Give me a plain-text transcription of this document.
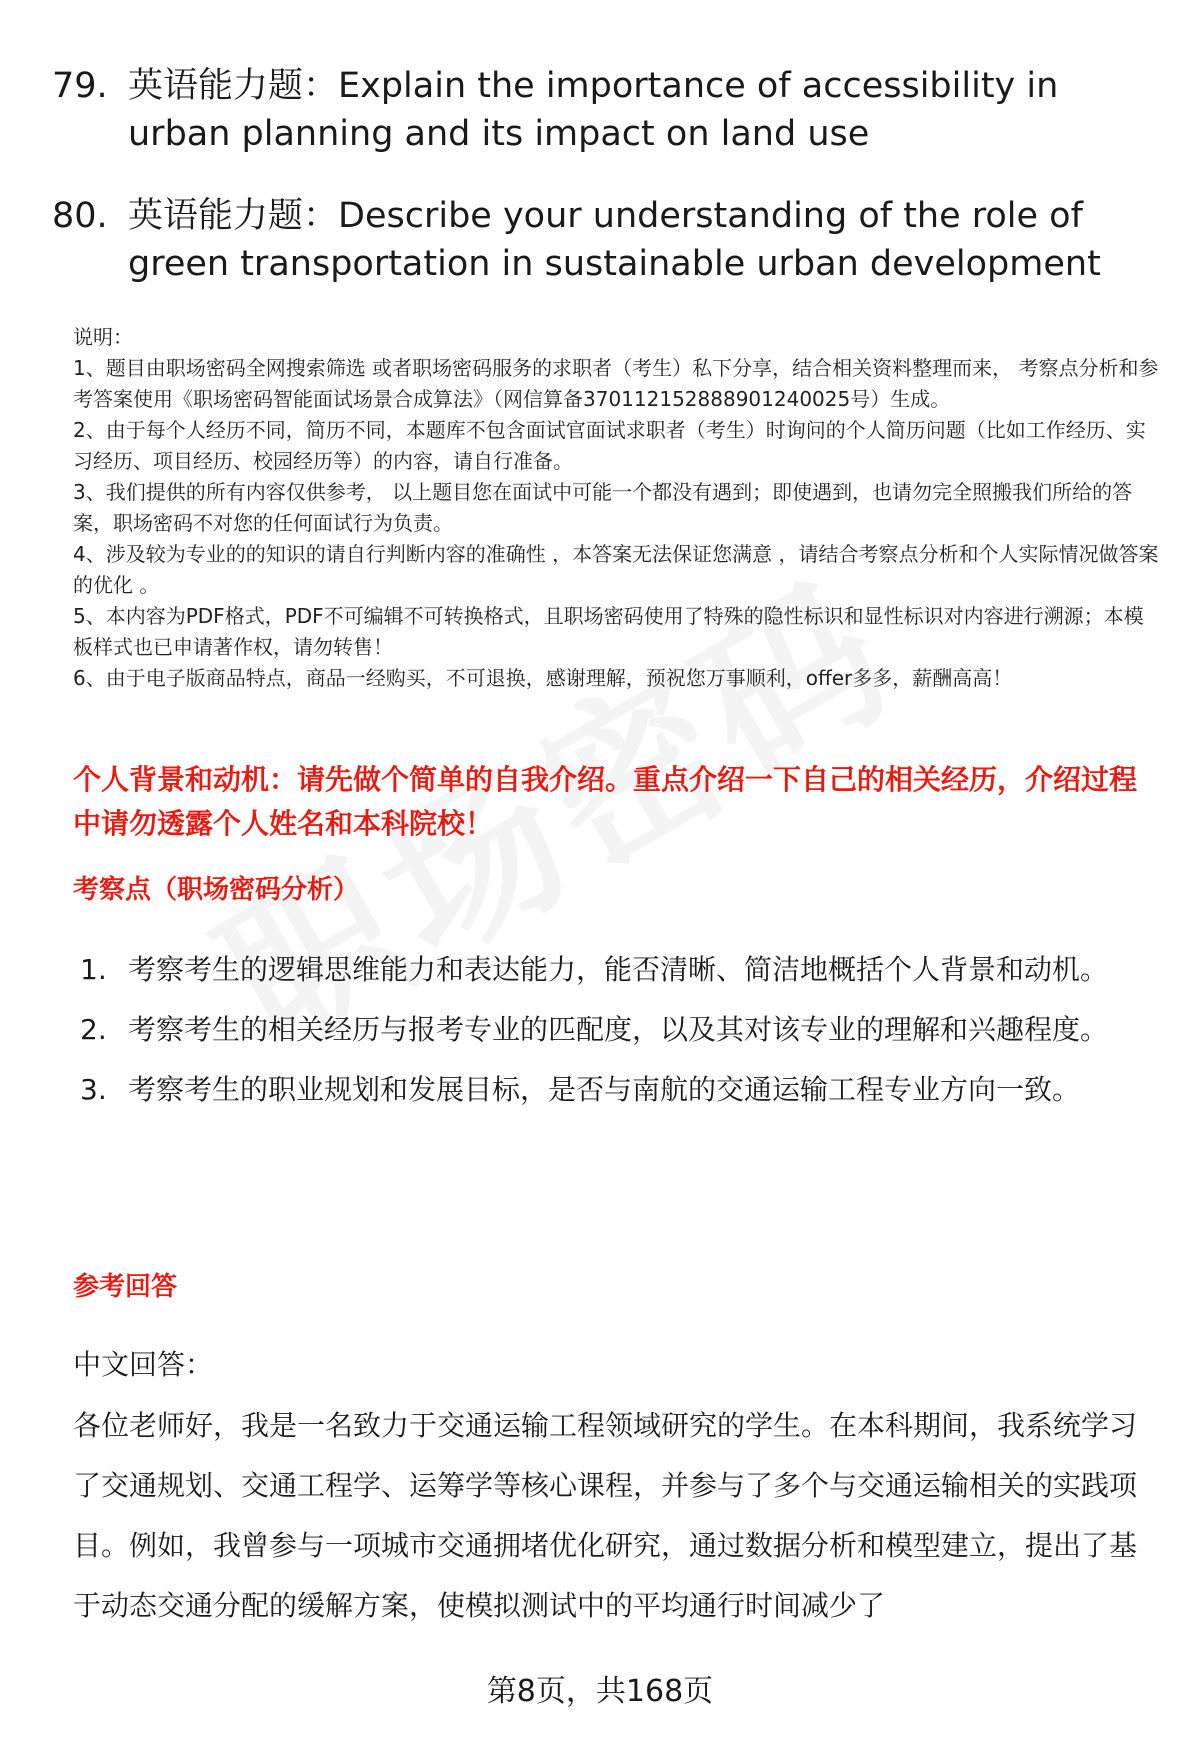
79. 英语能力题：Explain the importance of accessibility in urban planning and its impact on land use
80. 英语能力题：Describe your understanding of the role of green transportation in sustainable urban development

说明：

1、题目由职场密码全网搜索筛选 或者职场密码服务的求职者（考生）私下分享，结合相关资料整理而来， 考察点分析和参考答案使用《职场密码智能面试场景合成算法》（网信算备370112152888901240025号）生成。

2、由于每个人经历不同，简历不同，本题库不包含面试官面试求职者（考生）时询问的个人简历问题（比如工作经历、实习经历、项目经历、校园经历等）的内容，请自行准备。

3、我们提供的所有内容仅供参考， 以上题目您在面试中可能一个都没有遇到；即使遇到，也请勿完全照搬我们所给的答案，职场密码不对您的任何面试行为负责。

4、涉及较为专业的的知识的请自行判断内容的准确性 ，本答案无法保证您满意 ，请结合考察点分析和个人实际情况做答案的优化 。

5、本内容为PDF格式，PDF不可编辑不可转换格式，且职场密码使用了特殊的隐性标识和显性标识对内容进行溯源；本模板样式也已申请著作权，请勿转售！

6、由于电子版商品特点，商品一经购买，不可退换，感谢理解，预祝您万事顺利，offer多多，薪酬高高！

个人背景和动机：请先做个简单的自我介绍。重点介绍一下自己的相关经历，介绍过程中请勿透露个人姓名和本科院校！
考察点（职场密码分析）
1. 考察考生的逻辑思维能力和表达能力，能否清晰、简洁地概括个人背景和动机。
2. 考察考生的相关经历与报考专业的匹配度，以及其对该专业的理解和兴趣程度。
3. 考察考生的职业规划和发展目标，是否与南航的交通运输工程专业方向一致。
参考回答
中文回答：

各位老师好，我是一名致力于交通运输工程领域研究的学生。在本科期间，我系统学习了交通规划、交通工程学、运筹学等核心课程，并参与了多个与交通运输相关的实践项目。例如，我曾参与一项城市交通拥堵优化研究，通过数据分析和模型建立，提出了基于动态交通分配的缓解方案，使模拟测试中的平均通行时间减少了

第8页，共168页
